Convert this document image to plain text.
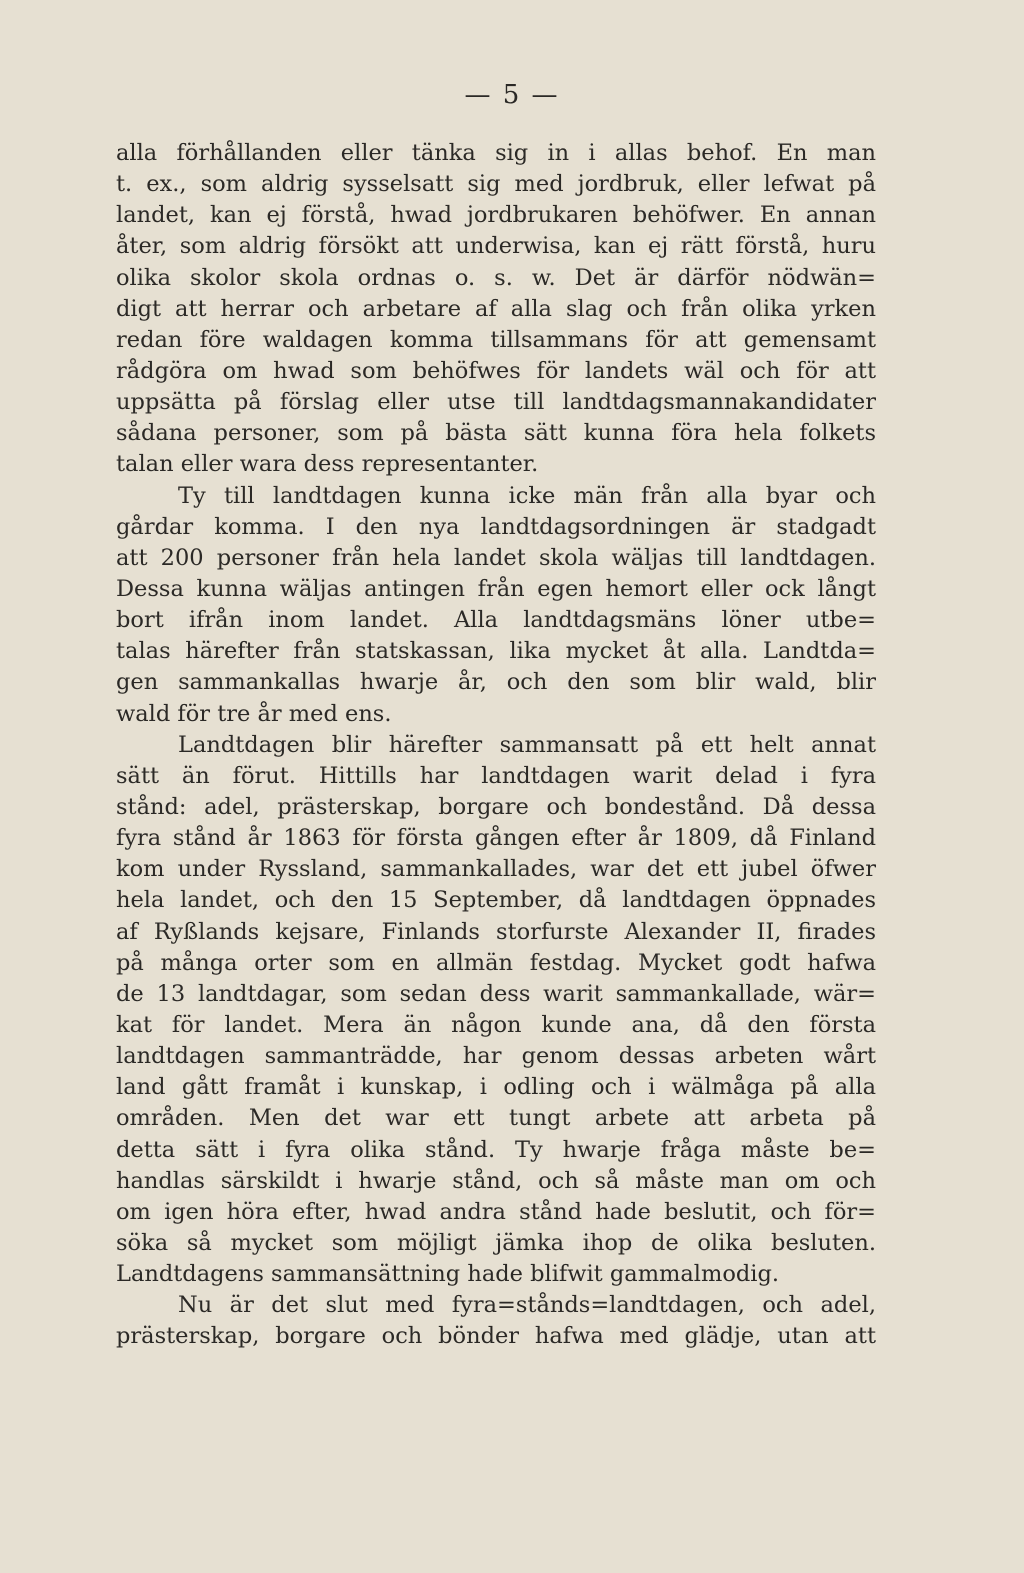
— 5 —
alla förhållanden eller tänka sig in i allas behof. En man
t. ex., som aldrig sysselsatt sig med jordbruk, eller lefwat på
landet, kan ej förstå, hwad jordbrukaren behöfwer. En annan
åter, som aldrig försökt att underwisa, kan ej rätt förstå, huru
olika skolor skola ordnas o. s. w. Det är därför nödwän=
digt att herrar och arbetare af alla slag och från olika yrken
redan före waldagen komma tillsammans för att gemensamt
rådgöra om hwad som behöfwes för landets wäl och för att
uppsätta på förslag eller utse till landtdagsmannakandidater
sådana personer, som på bästa sätt kunna föra hela folkets
talan eller wara dess representanter.
Ty till landtdagen kunna icke män från alla byar och
gårdar komma. I den nya landtdagsordningen är stadgadt
att 200 personer från hela landet skola wäljas till landtdagen.
Dessa kunna wäljas antingen från egen hemort eller ock långt
bort ifrån inom landet. Alla landtdagsmäns löner utbe=
talas härefter från statskassan, lika mycket åt alla. Landtda=
gen sammankallas hwarje år, och den som blir wald, blir
wald för tre år med ens.
Landtdagen blir härefter sammansatt på ett helt annat
sätt än förut. Hittills har landtdagen warit delad i fyra
stånd: adel, prästerskap, borgare och bondestånd. Då dessa
fyra stånd år 1863 för första gången efter år 1809, då Finland
kom under Ryssland, sammankallades, war det ett jubel öfwer
hela landet, och den 15 September, då landtdagen öppnades
af Ryßlands kejsare, Finlands storfurste Alexander II, firades
på många orter som en allmän festdag. Mycket godt hafwa
de 13 landtdagar, som sedan dess warit sammankallade, wär=
kat för landet. Mera än någon kunde ana, då den första
landtdagen sammanträdde, har genom dessas arbeten wårt
land gått framåt i kunskap, i odling och i wälmåga på alla
områden. Men det war ett tungt arbete att arbeta på
detta sätt i fyra olika stånd. Ty hwarje fråga måste be=
handlas särskildt i hwarje stånd, och så måste man om och
om igen höra efter, hwad andra stånd hade beslutit, och för=
söka så mycket som möjligt jämka ihop de olika besluten.
Landtdagens sammansättning hade blifwit gammalmodig.
Nu är det slut med fyra=stånds=landtdagen, och adel,
prästerskap, borgare och bönder hafwa med glädje, utan att
